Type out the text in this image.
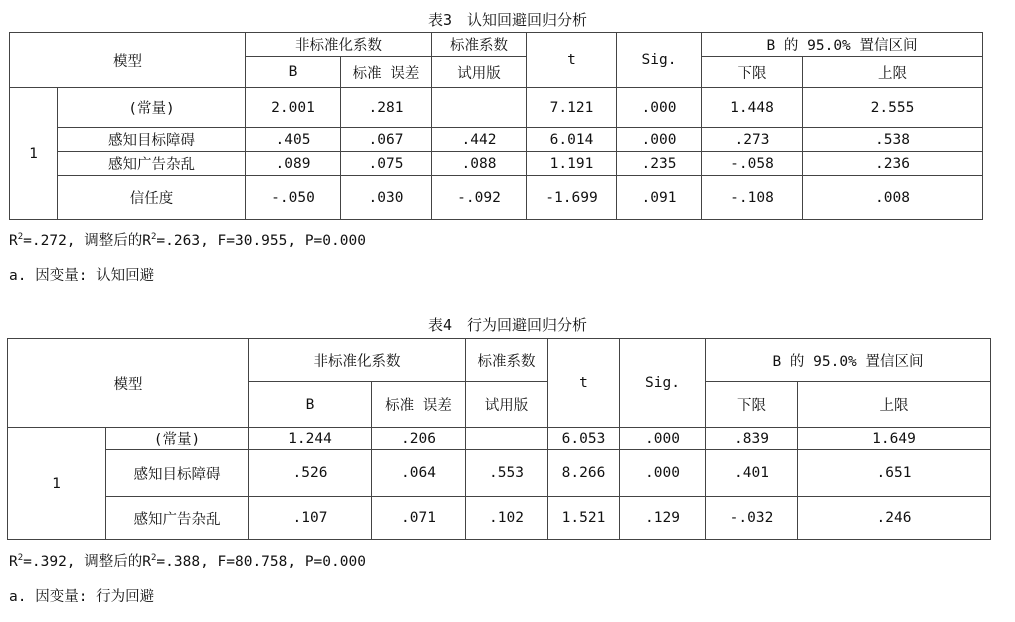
表3　认知回避回归分析
模型		非标准化系数		标准系数	t	Sig.	B 的 95.0% 置信区间	
		B	标准 误差	试用版			下限	上限
1	(常量)	2.001	.281		7.121	.000	1.448	2.555
	感知目标障碍	.405	.067	.442	6.014	.000	.273	.538
	感知广告杂乱	.089	.075	.088	1.191	.235	-.058	.236
	信任度	-.050	.030	-.092	-1.699	.091	-.108	.008
$R^2=.272$, 调整后的$R^2=.263$, F=30.955, P=0.000
a. 因变量: 认知回避
表4　行为回避回归分析
模型		非标准化系数		标准系数	t	Sig.	B 的 95.0% 置信区间	
		B	标准 误差	试用版			下限	上限
1	(常量)	1.244	.206		6.053	.000	.839	1.649
	感知目标障碍	.526	.064	.553	8.266	.000	.401	.651
	感知广告杂乱	.107	.071	.102	1.521	.129	-.032	.246
$R^2=.392$, 调整后的$R^2=.388$, F=80.758, P=0.000
a. 因变量: 行为回避
